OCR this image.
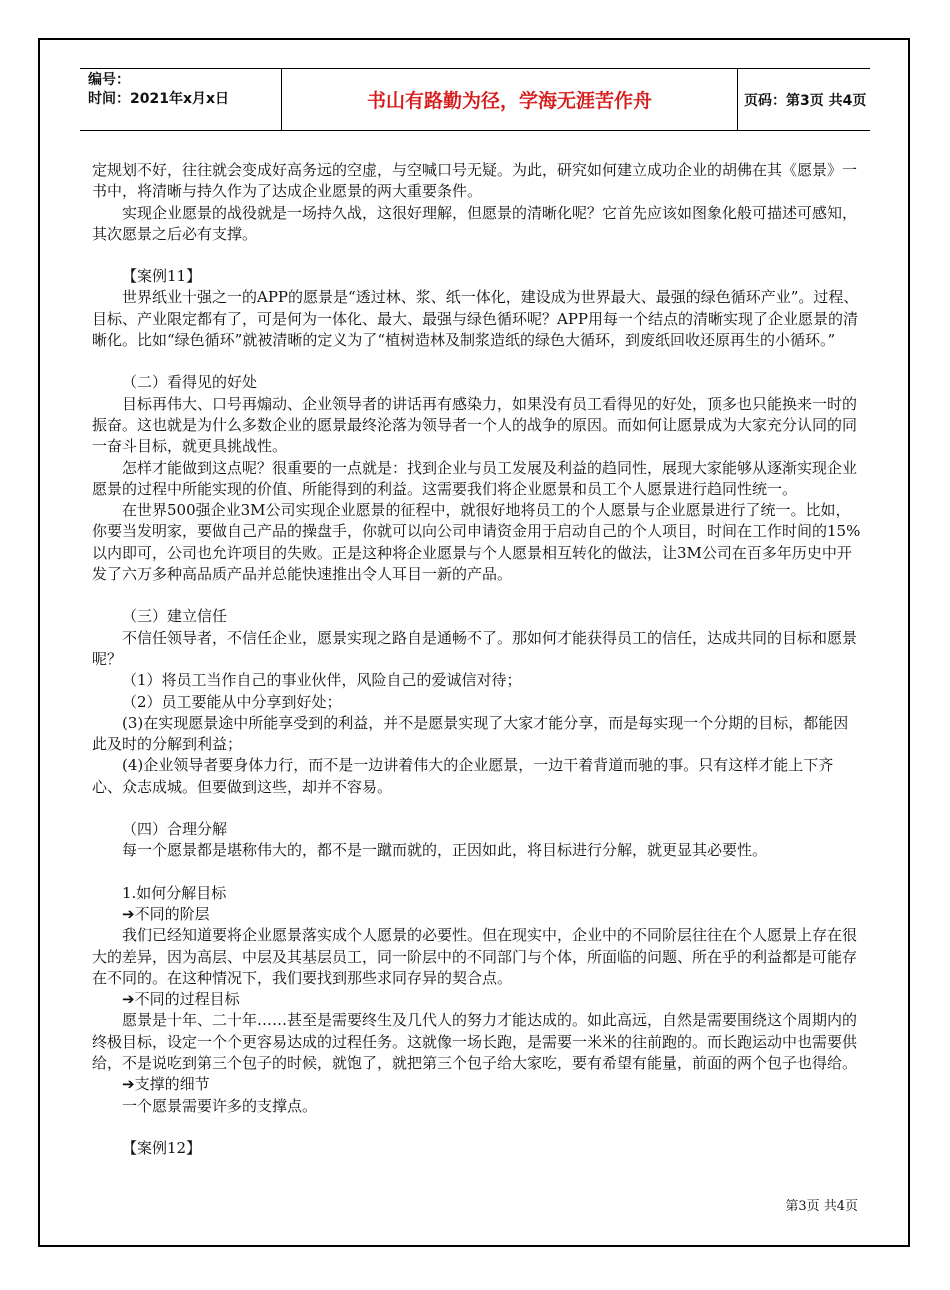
编号：
时间：2021年x月x日	书山有路勤为径，学海无涯苦作舟	页码：第3页 共4页

定规划不好，往往就会变成好高务远的空虚，与空喊口号无疑。为此，研究如何建立成功企业的胡佛在其《愿景》一书中，将清晰与持久作为了达成企业愿景的两大重要条件。

实现企业愿景的战役就是一场持久战，这很好理解，但愿景的清晰化呢？它首先应该如图象化般可描述可感知，其次愿景之后必有支撑。

【案例11】

世界纸业十强之一的APP的愿景是“透过林、浆、纸一体化，建设成为世界最大、最强的绿色循环产业”。过程、目标、产业限定都有了，可是何为一体化、最大、最强与绿色循环呢？APP用每一个结点的清晰实现了企业愿景的清晰化。比如“绿色循环”就被清晰的定义为了“植树造林及制浆造纸的绿色大循环，到废纸回收还原再生的小循环。”

（二）看得见的好处

目标再伟大、口号再煽动、企业领导者的讲话再有感染力，如果没有员工看得见的好处，顶多也只能换来一时的振奋。这也就是为什么多数企业的愿景最终沦落为领导者一个人的战争的原因。而如何让愿景成为大家充分认同的同一奋斗目标，就更具挑战性。

怎样才能做到这点呢？很重要的一点就是：找到企业与员工发展及利益的趋同性，展现大家能够从逐渐实现企业愿景的过程中所能实现的价值、所能得到的利益。这需要我们将企业愿景和员工个人愿景进行趋同性统一。

在世界500强企业3M公司实现企业愿景的征程中，就很好地将员工的个人愿景与企业愿景进行了统一。比如，你要当发明家，要做自己产品的操盘手，你就可以向公司申请资金用于启动自己的个人项目，时间在工作时间的15%以内即可，公司也允许项目的失败。正是这种将企业愿景与个人愿景相互转化的做法，让3M公司在百多年历史中开发了六万多种高品质产品并总能快速推出令人耳目一新的产品。

（三）建立信任

不信任领导者，不信任企业，愿景实现之路自是通畅不了。那如何才能获得员工的信任，达成共同的目标和愿景呢？

（1）将员工当作自己的事业伙伴，风险自己的爱诚信对待；

（2）员工要能从中分享到好处；

(3)在实现愿景途中所能享受到的利益，并不是愿景实现了大家才能分享，而是每实现一个分期的目标，都能因此及时的分解到利益；

(4)企业领导者要身体力行，而不是一边讲着伟大的企业愿景，一边干着背道而驰的事。只有这样才能上下齐心、众志成城。但要做到这些，却并不容易。

（四）合理分解

每一个愿景都是堪称伟大的，都不是一蹴而就的，正因如此，将目标进行分解，就更显其必要性。

1.如何分解目标

➔不同的阶层

我们已经知道要将企业愿景落实成个人愿景的必要性。但在现实中，企业中的不同阶层往往在个人愿景上存在很大的差异，因为高层、中层及其基层员工，同一阶层中的不同部门与个体，所面临的问题、所在乎的利益都是可能存在不同的。在这种情况下，我们要找到那些求同存异的契合点。

➔不同的过程目标

愿景是十年、二十年……甚至是需要终生及几代人的努力才能达成的。如此高远，自然是需要围绕这个周期内的终极目标，设定一个个更容易达成的过程任务。这就像一场长跑，是需要一米米的往前跑的。而长跑运动中也需要供给，不是说吃到第三个包子的时候，就饱了，就把第三个包子给大家吃，要有希望有能量，前面的两个包子也得给。

➔支撑的细节

一个愿景需要许多的支撑点。

【案例12】

第3页 共4页
